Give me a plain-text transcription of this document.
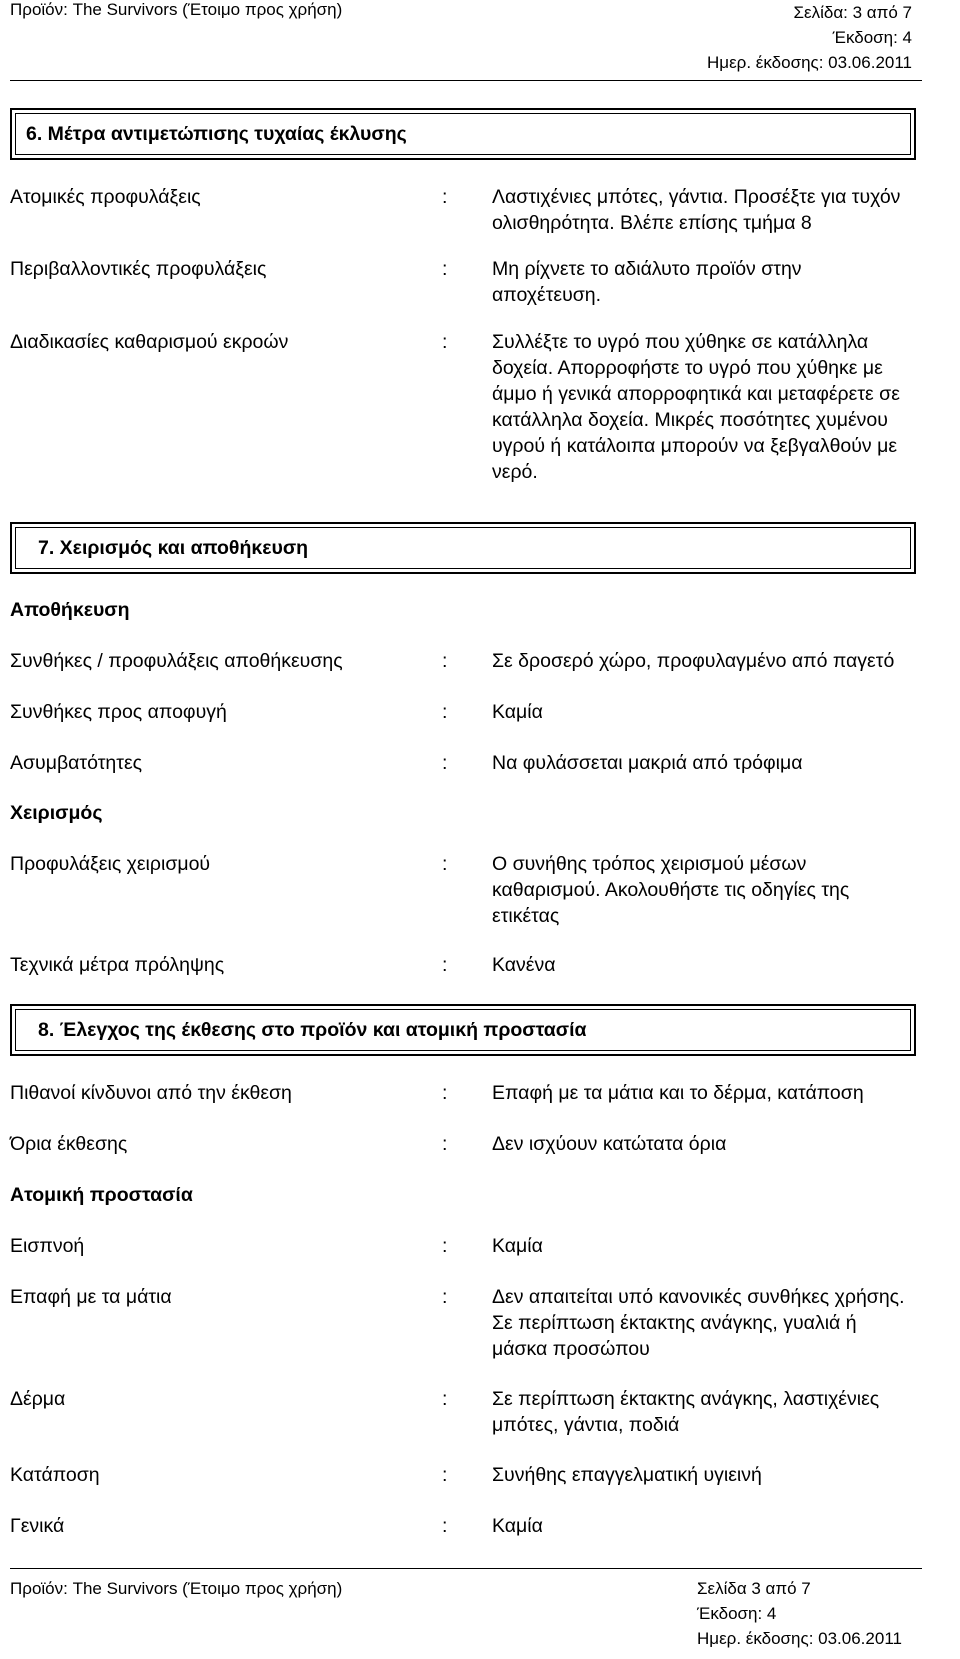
Προϊόν: The Survivors (Έτοιμο προς χρήση)	Σελίδα: 3 από 7
Έκδοση: 4
Ημερ. έκδοσης: 03.06.2011
6. Μέτρα αντιμετώπισης τυχαίας έκλυσης
Ατομικές προφυλάξεις	: Λαστιχένιες μπότες, γάντια. Προσέξτε για τυχόν
ολισθηρότητα. Βλέπε επίσης τμήμα 8
Περιβαλλοντικές προφυλάξεις	: Μη ρίχνετε το αδιάλυτο προϊόν στην
αποχέτευση.
Διαδικασίες καθαρισμού εκροών	: Συλλέξτε το υγρό που χύθηκε σε κατάλληλα
δοχεία. Απορροφήστε το υγρό που χύθηκε με
άμμο ή γενικά απορροφητικά και μεταφέρετε σε
κατάλληλα δοχεία. Μικρές ποσότητες χυμένου
υγρού ή κατάλοιπα μπορούν να ξεβγαλθούν με
νερό.
7. Χειρισμός και αποθήκευση
Αποθήκευση
Συνθήκες / προφυλάξεις αποθήκευσης	: Σε δροσερό χώρο, προφυλαγμένο από παγετό
Συνθήκες προς αποφυγή	: Καμία
Ασυμβατότητες	: Να φυλάσσεται μακριά από τρόφιμα
Χειρισμός
Προφυλάξεις χειρισμού	: Ο συνήθης τρόπος χειρισμού μέσων
καθαρισμού. Ακολουθήστε τις οδηγίες της
ετικέτας
Τεχνικά μέτρα πρόληψης	: Κανένα
8. Έλεγχος της έκθεσης στο προϊόν και ατομική προστασία
Πιθανοί κίνδυνοι από την έκθεση	: Επαφή με τα μάτια και το δέρμα, κατάποση
Όρια έκθεσης	: Δεν ισχύουν κατώτατα όρια
Ατομική προστασία
Εισπνοή	: Καμία
Επαφή με τα μάτια	: Δεν απαιτείται υπό κανονικές συνθήκες χρήσης.
Σε περίπτωση έκτακτης ανάγκης, γυαλιά ή
μάσκα προσώπου
Δέρμα	: Σε περίπτωση έκτακτης ανάγκης, λαστιχένιες
μπότες, γάντια, ποδιά
Κατάποση	: Συνήθης επαγγελματική υγιεινή
Γενικά	: Καμία
Προϊόν: The Survivors (Έτοιμο προς χρήση)	Σελίδα 3 από 7
Έκδοση: 4
Ημερ. έκδοσης: 03.06.2011
